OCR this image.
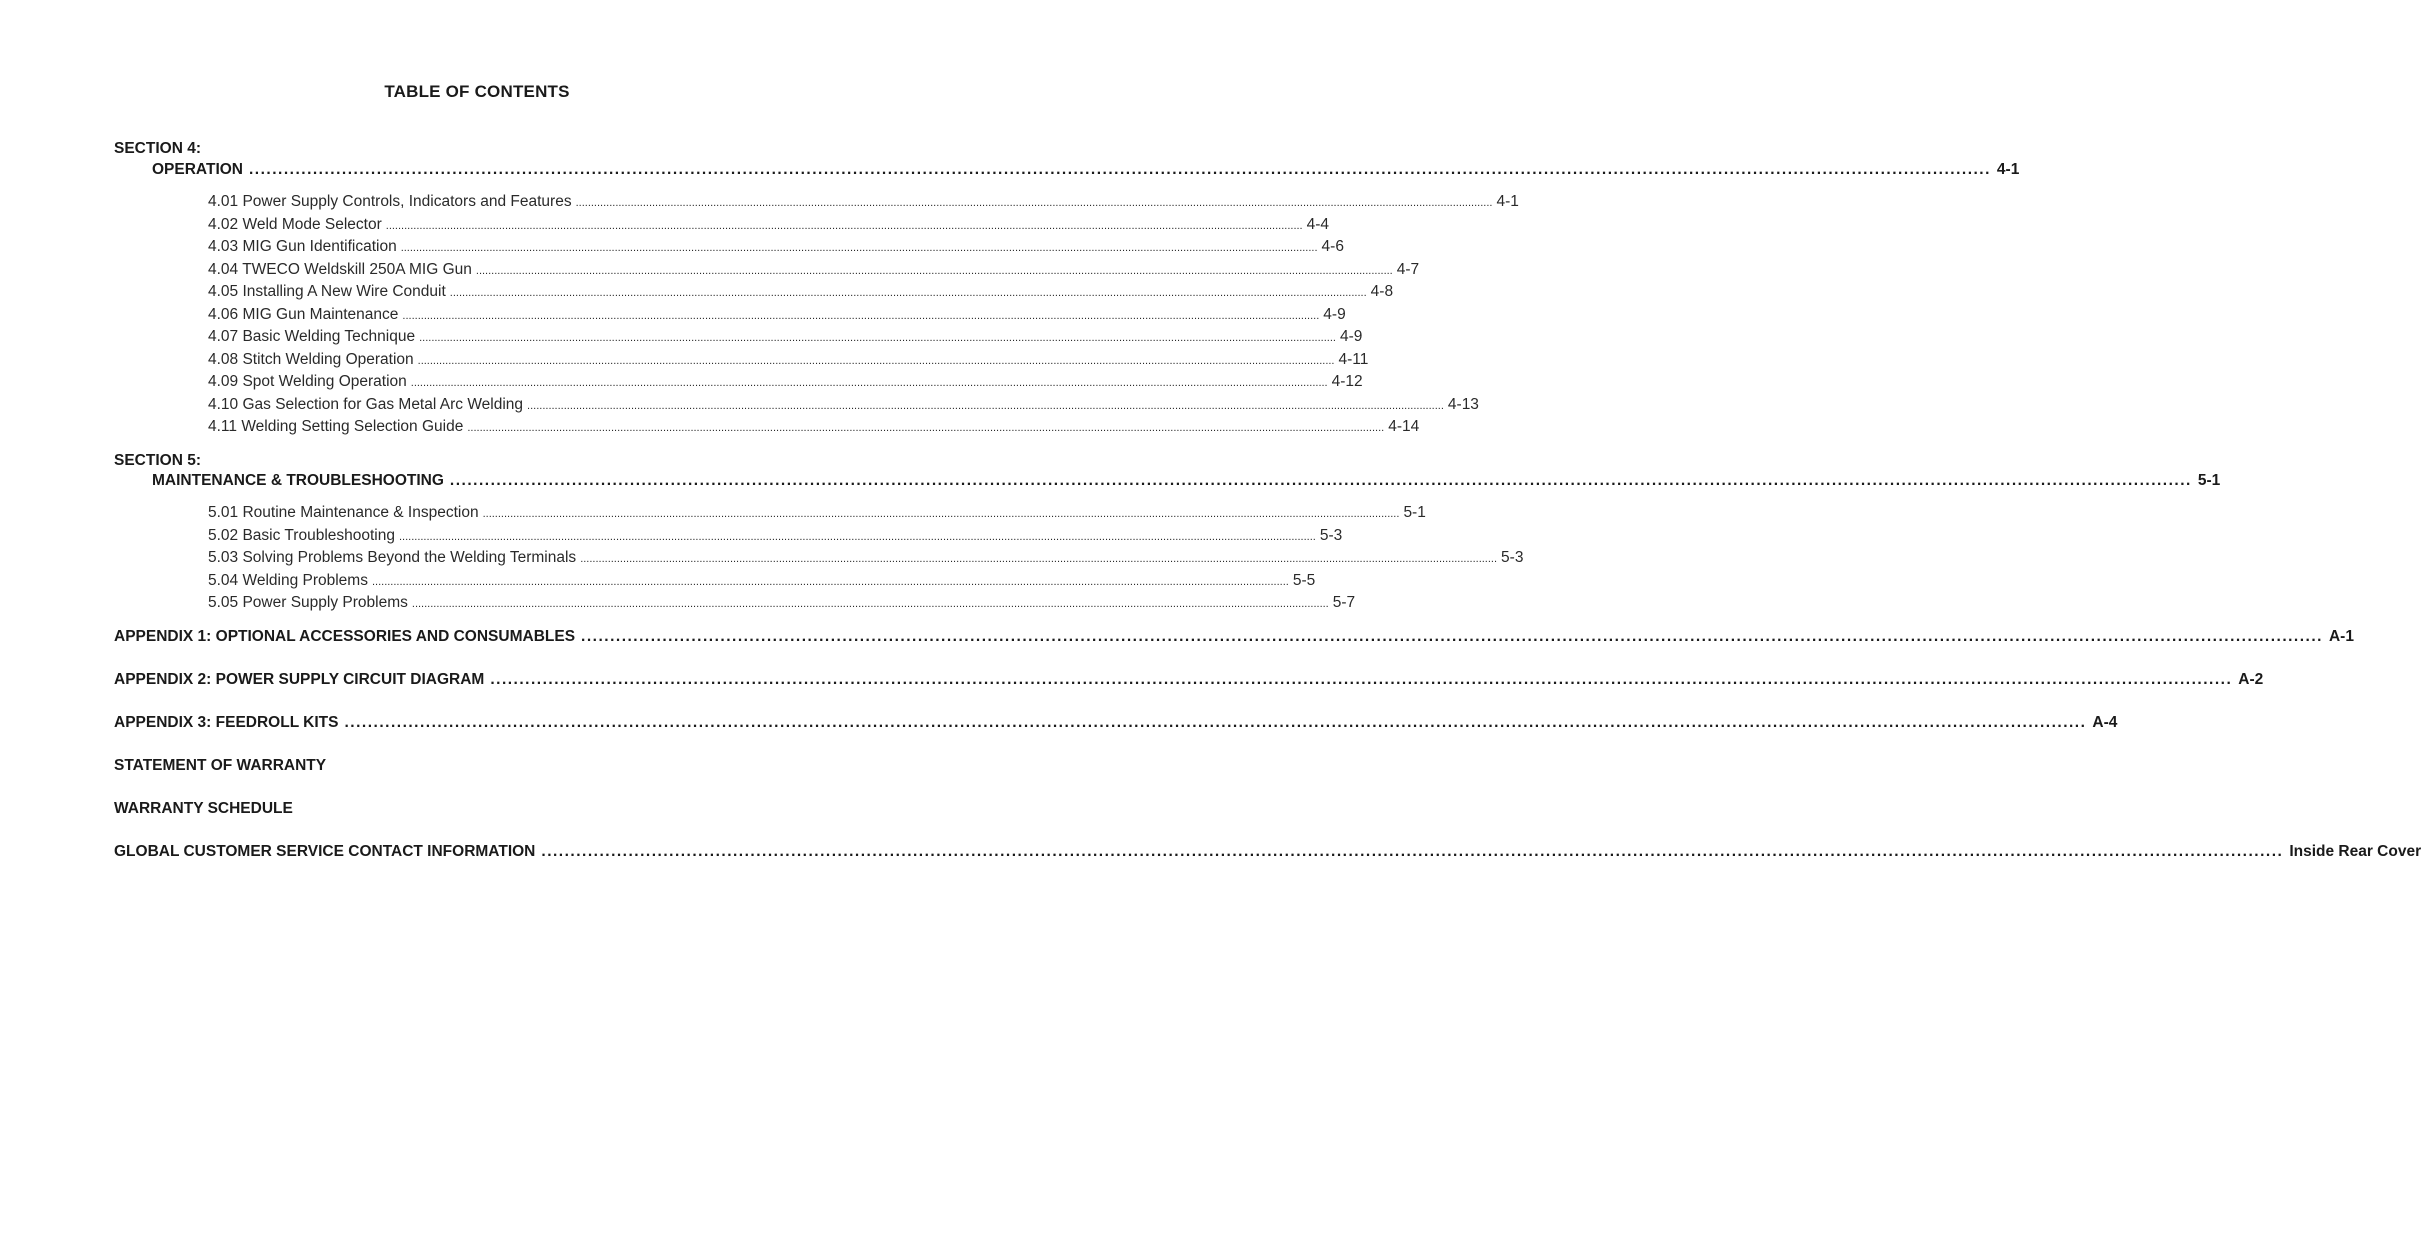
TABLE OF CONTENTS
SECTION 4:
OPERATION ............................................................................................................................................................................................................................................................................................................ 4-1
4.01 Power Supply Controls, Indicators and Features ............................................................................................................................................................................................................................................................................................................ 4-1
4.02 Weld Mode Selector ............................................................................................................................................................................................................................................................................................................ 4-4
4.03 MIG Gun Identification ............................................................................................................................................................................................................................................................................................................ 4-6
4.04 TWECO Weldskill 250A MIG Gun ............................................................................................................................................................................................................................................................................................................ 4-7
4.05 Installing A New Wire Conduit ............................................................................................................................................................................................................................................................................................................ 4-8
4.06 MIG Gun Maintenance ............................................................................................................................................................................................................................................................................................................ 4-9
4.07 Basic Welding Technique ............................................................................................................................................................................................................................................................................................................ 4-9
4.08 Stitch Welding Operation ............................................................................................................................................................................................................................................................................................................ 4-11
4.09 Spot Welding Operation ............................................................................................................................................................................................................................................................................................................ 4-12
4.10 Gas Selection for Gas Metal Arc Welding ............................................................................................................................................................................................................................................................................................................ 4-13
4.11 Welding Setting Selection Guide ............................................................................................................................................................................................................................................................................................................ 4-14
SECTION 5:
MAINTENANCE & TROUBLESHOOTING ............................................................................................................................................................................................................................................................................................................ 5-1
5.01 Routine Maintenance & Inspection ............................................................................................................................................................................................................................................................................................................ 5-1
5.02 Basic Troubleshooting ............................................................................................................................................................................................................................................................................................................ 5-3
5.03 Solving Problems Beyond the Welding Terminals ............................................................................................................................................................................................................................................................................................................ 5-3
5.04 Welding Problems ............................................................................................................................................................................................................................................................................................................ 5-5
5.05 Power Supply Problems ............................................................................................................................................................................................................................................................................................................ 5-7
APPENDIX 1: OPTIONAL ACCESSORIES AND CONSUMABLES ............................................................................................................................................................................................................................................................................................................ A-1
APPENDIX 2: POWER SUPPLY CIRCUIT DIAGRAM ............................................................................................................................................................................................................................................................................................................ A-2
APPENDIX 3: FEEDROLL KITS ............................................................................................................................................................................................................................................................................................................ A-4
STATEMENT OF WARRANTY
WARRANTY SCHEDULE
GLOBAL CUSTOMER SERVICE CONTACT INFORMATION ............................................................................................................................................................................................................................................................................................................ Inside Rear Cover
